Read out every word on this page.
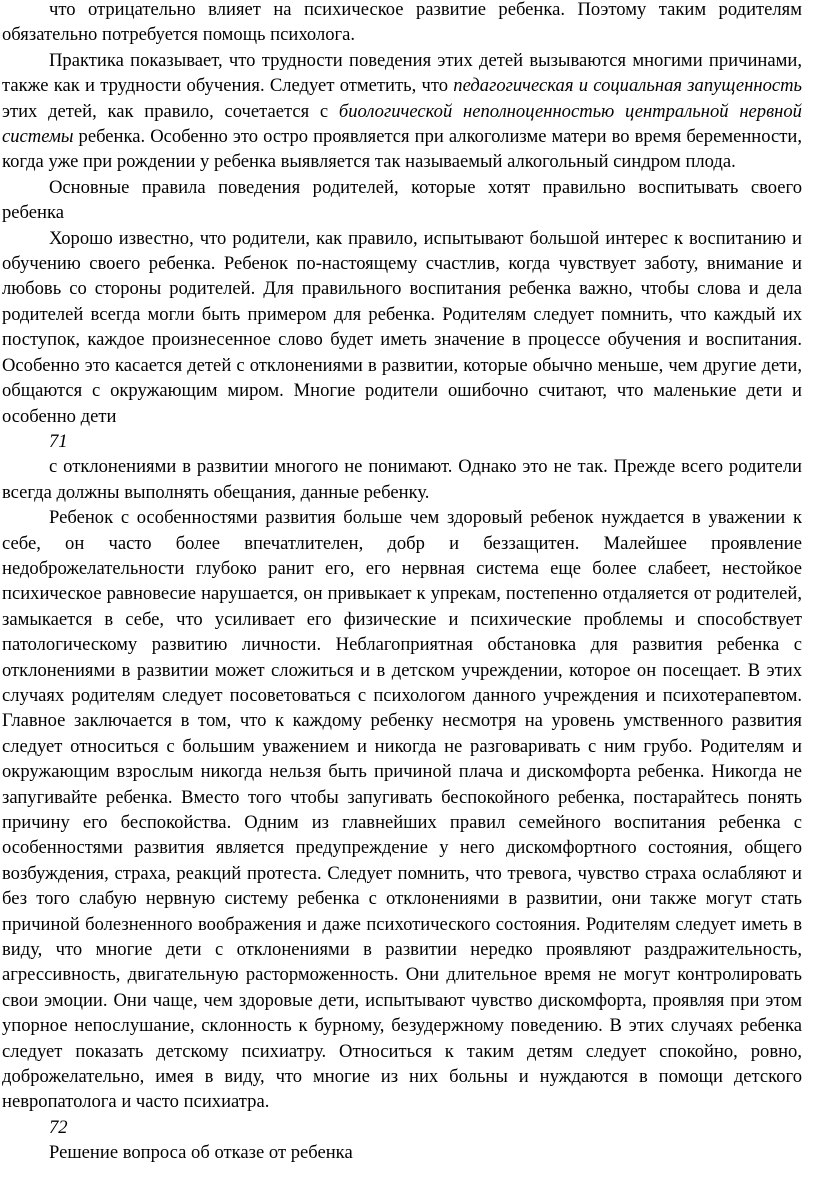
что отрицательно влияет на психическое развитие ребенка. Поэтому таким родителям обязательно потребуется помощь психолога.

Практика показывает, что трудности поведения этих детей вызываются многими причинами, также как и трудности обучения. Следует отметить, что педагогическая и социальная запущенность этих детей, как правило, сочетается с биологической неполноценностью центральной нервной системы ребенка. Особенно это остро проявляется при алкоголизме матери во время беременности, когда уже при рождении у ребенка выявляется так называемый алкогольный синдром плода.

Основные правила поведения родителей, которые хотят правильно воспитывать своего ребенка

Хорошо известно, что родители, как правило, испытывают большой интерес к воспитанию и обучению своего ребенка. Ребенок по-настоящему счастлив, когда чувствует заботу, внимание и любовь со стороны родителей. Для правильного воспитания ребенка важно, чтобы слова и дела родителей всегда могли быть примером для ребенка. Родителям следует помнить, что каждый их поступок, каждое произнесенное слово будет иметь значение в процессе обучения и воспитания. Особенно это касается детей с отклонениями в развитии, которые обычно меньше, чем другие дети, общаются с окружающим миром. Многие родители ошибочно считают, что маленькие дети и особенно дети

71

с отклонениями в развитии многого не понимают. Однако это не так. Прежде всего родители всегда должны выполнять обещания, данные ребенку.

Ребенок с особенностями развития больше чем здоровый ребенок нуждается в уважении к себе, он часто более впечатлителен, добр и беззащитен. Малейшее проявление недоброжелательности глубоко ранит его, его нервная система еще более слабеет, нестойкое психическое равновесие нарушается, он привыкает к упрекам, постепенно отдаляется от родителей, замыкается в себе, что усиливает его физические и психические проблемы и способствует патологическому развитию личности. Неблагоприятная обстановка для развития ребенка с отклонениями в развитии может сложиться и в детском учреждении, которое он посещает. В этих случаях родителям следует посоветоваться с психологом данного учреждения и психотерапевтом. Главное заключается в том, что к каждому ребенку несмотря на уровень умственного развития следует относиться с большим уважением и никогда не разговаривать с ним грубо. Родителям и окружающим взрослым никогда нельзя быть причиной плача и дискомфорта ребенка. Никогда не запугивайте ребенка. Вместо того чтобы запугивать беспокойного ребенка, постарайтесь понять причину его беспокойства. Одним из главнейших правил семейного воспитания ребенка с особенностями развития является предупреждение у него дискомфортного состояния, общего возбуждения, страха, реакций протеста. Следует помнить, что тревога, чувство страха ослабляют и без того слабую нервную систему ребенка с отклонениями в развитии, они также могут стать причиной болезненного воображения и даже психотического состояния. Родителям следует иметь в виду, что многие дети с отклонениями в развитии нередко проявляют раздражительность, агрессивность, двигательную расторможенность. Они длительное время не могут контролировать свои эмоции. Они чаще, чем здоровые дети, испытывают чувство дискомфорта, проявляя при этом упорное непослушание, склонность к бурному, безудержному поведению. В этих случаях ребенка следует показать детскому психиатру. Относиться к таким детям следует спокойно, ровно, доброжелательно, имея в виду, что многие из них больны и нуждаются в помощи детского невропатолога и часто психиатра.

72

Решение вопроса об отказе от ребенка
